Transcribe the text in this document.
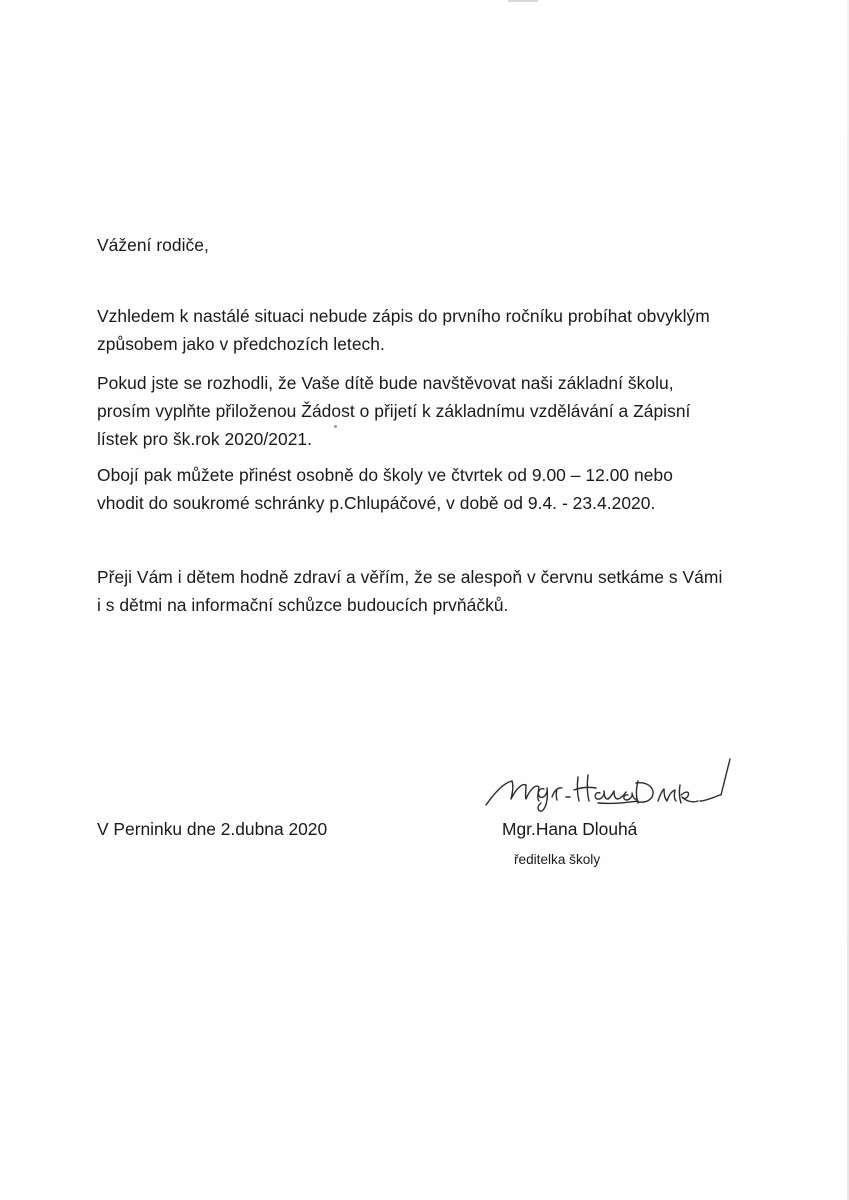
Vážení rodiče,

Vzhledem k nastálé situaci nebude zápis do prvního ročníku probíhat obvyklým
způsobem jako v předchozích letech.

Pokud jste se rozhodli, že Vaše dítě bude navštěvovat naši základní školu,
prosím vyplňte přiloženou Žádost o přijetí k základnímu vzdělávání a Zápisní
lístek pro šk.rok 2020/2021.

Obojí pak můžete přinést osobně do školy ve čtvrtek od 9.00 – 12.00 nebo
vhodit do soukromé schránky p.Chlupáčové, v době od 9.4. - 23.4.2020.

Přeji Vám i dětem hodně zdraví a věřím, že se alespoň v červnu setkáme s Vámi
i s dětmi na informační schůzce budoucích prvňáčků.

V Perninku dne 2.dubna 2020	Mgr.Hana Dlouhá
ředitelka školy
